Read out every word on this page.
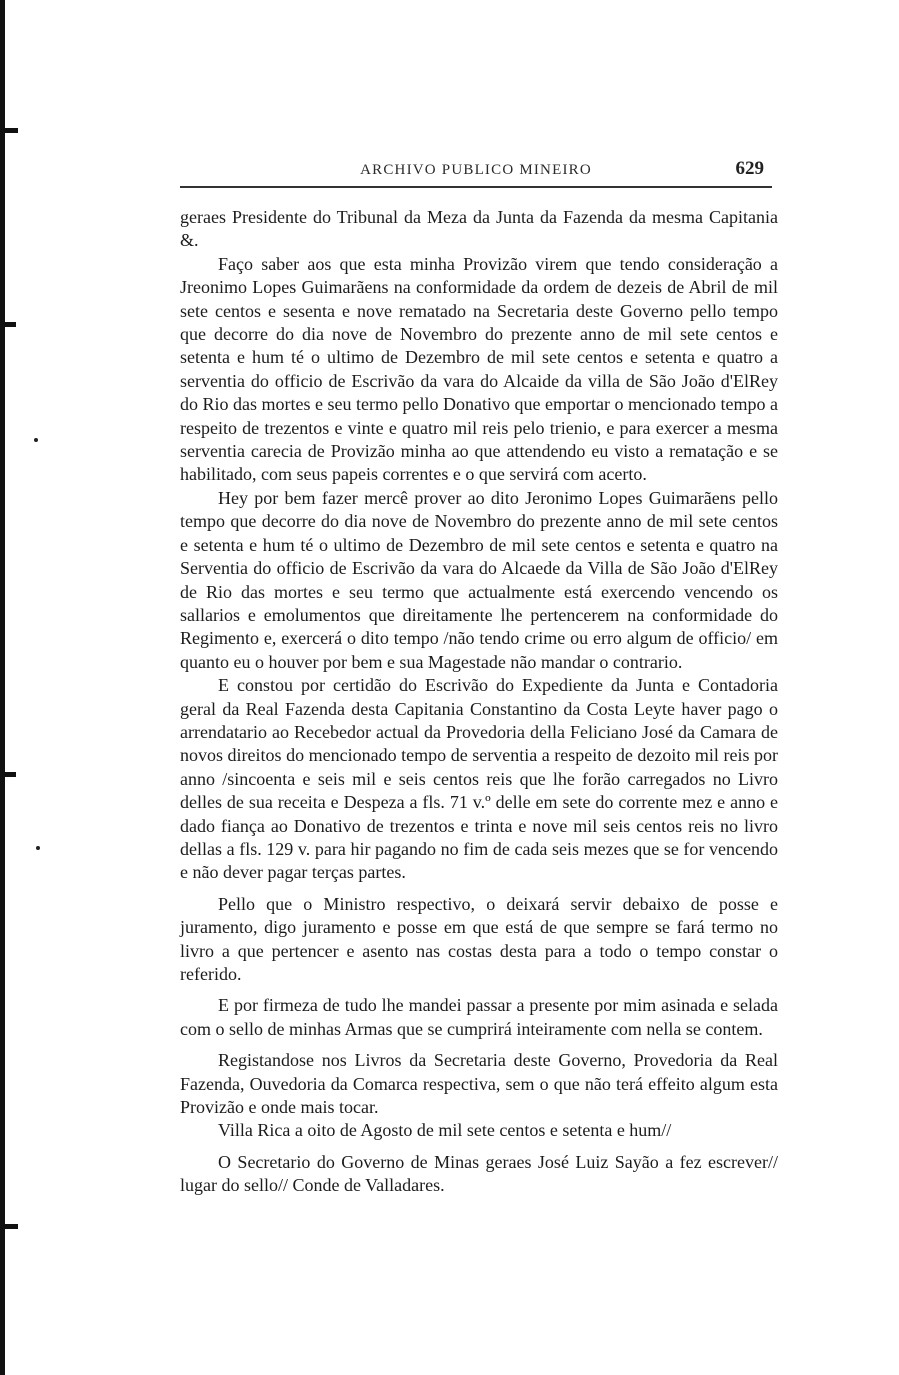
ARCHIVO PUBLICO MINEIRO	629

geraes Presidente do Tribunal da Meza da Junta da Fazenda da mesma Capitania &.

Faço saber aos que esta minha Provizão virem que tendo consideração a Jreonimo Lopes Guimarãens na conformidade da ordem de dezeis de Abril de mil sete centos e sesenta e nove rematado na Secretaria deste Governo pello tempo que decorre do dia nove de Novembro do prezente anno de mil sete centos e setenta e hum té o ultimo de Dezembro de mil sete centos e setenta e quatro a serventia do officio de Escrivão da vara do Alcaide da villa de São João d'ElRey do Rio das mortes e seu termo pello Donativo que emportar o mencionado tempo a respeito de trezentos e vinte e quatro mil reis pelo trienio, e para exercer a mesma serventia carecia de Provizão minha ao que attendendo eu visto a rematação e se habilitado, com seus papeis correntes e o que servirá com acerto.

Hey por bem fazer mercê prover ao dito Jeronimo Lopes Guimarãens pello tempo que decorre do dia nove de Novembro do prezente anno de mil sete centos e setenta e hum té o ultimo de Dezembro de mil sete centos e setenta e quatro na Serventia do officio de Escrivão da vara do Alcaede da Villa de São João d'ElRey de Rio das mortes e seu termo que actualmente está exercendo vencendo os sallarios e emolumentos que direitamente lhe pertencerem na conformidade do Regimento e, exercerá o dito tempo /não tendo crime ou erro algum de officio/ em quanto eu o houver por bem e sua Magestade não mandar o contrario.

E constou por certidão do Escrivão do Expediente da Junta e Contadoria geral da Real Fazenda desta Capitania Constantino da Costa Leyte haver pago o arrendatario ao Recebedor actual da Provedoria della Feliciano José da Camara de novos direitos do mencionado tempo de serventia a respeito de dezoito mil reis por anno /sincoenta e seis mil e seis centos reis que lhe forão carregados no Livro delles de sua receita e Despeza a fls. 71 v.º delle em sete do corrente mez e anno e dado fiança ao Donativo de trezentos e trinta e nove mil seis centos reis no livro dellas a fls. 129 v. para hir pagando no fim de cada seis mezes que se for vencendo e não dever pagar terças partes.

Pello que o Ministro respectivo, o deixará servir debaixo de posse e juramento, digo juramento e posse em que está de que sempre se fará termo no livro a que pertencer e asento nas costas desta para a todo o tempo constar o referido.

E por firmeza de tudo lhe mandei passar a presente por mim asinada e selada com o sello de minhas Armas que se cumprirá inteiramente com nella se contem.

Registandose nos Livros da Secretaria deste Governo, Provedoria da Real Fazenda, Ouvedoria da Comarca respectiva, sem o que não terá effeito algum esta Provizão e onde mais tocar.

Villa Rica a oito de Agosto de mil sete centos e setenta e hum//

O Secretario do Governo de Minas geraes José Luiz Sayão a fez escrever// lugar do sello// Conde de Valladares.
